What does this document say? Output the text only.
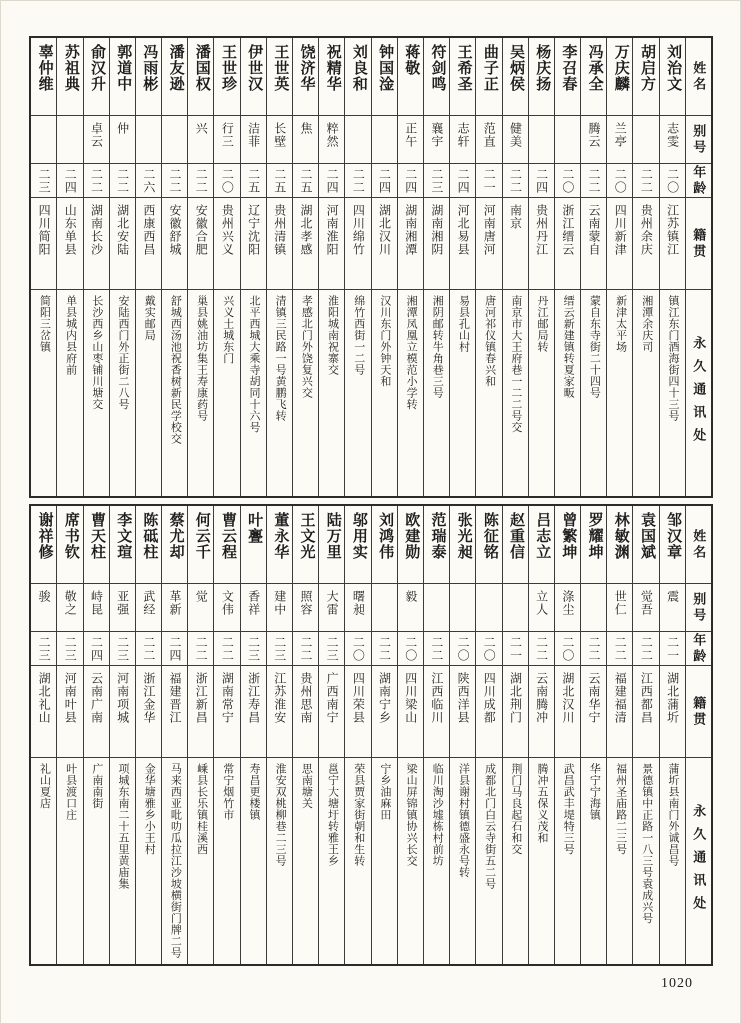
姓名
别号
年龄
籍贯
永久通讯处
刘治文
志雯
二〇
江苏镇江
镇江东门酒海街四十三号
胡启方
二二
贵州余庆
湘潭余庆司
万庆麟
兰亭
二〇
四川新津
新津太平场
冯承全
腾云
二二
云南蒙自
蒙自东寺街二十四号
李召春
二〇
浙江缙云
缙云新建镇转夏家畈
杨庆扬
二四
贵州丹江
丹江邮局转
吴炳侯
健美
二二
南京
南京市大王府巷一二二号交
曲子正
范直
二一
河南唐河
唐河祁仪镇春兴和
王希圣
志轩
二四
河北易县
易县孔山村
符剑鸣
襄宇
二三
湖南湘阴
湘阴邮转牛角巷三号
蒋敬
正午
二四
湖南湘潭
湘潭凤凰立模范小学转
钟国淦
二四
湖北汉川
汉川东门外钟天和
刘良和
二二
四川绵竹
绵竹西街一二号
祝精华
粹然
二四
河南淮阳
淮阳城南祝寨交
饶济华
焦
二五
湖北孝感
孝感北门外饶复兴交
王世英
长壁
二五
贵州清镇
清镇三民路一号黄鹏飞转
伊世汉
洁菲
二五
辽宁沈阳
北平西城大乘寺胡同十六号
王世珍
行三
二〇
贵州兴义
兴义土城东门
潘国权
兴
二二
安徽合肥
巢县姚油坊集王寿康药号
潘友逊
二二
安徽舒城
舒城西汤池祝香树新民学校交
冯雨彬
二六
西康西昌
戴实邮局
郭道中
仲
二二
湖北安陆
安陆西门外正街二八号
俞汉升
卓云
二二
湖南长沙
长沙西乡山枣铺川塘交
苏祖典
二四
山东单县
单县城内县府前
辜仲维
二三
四川简阳
简阳三岔镇
姓名
别号
年龄
籍贯
永久通讯处
邹汉章
震
二一
湖北蒲圻
蒲圻县南门外诚昌号
袁国斌
觉吾
二二
江西都昌
景德镇中正路一八三号袁成兴号
林敏渊
世仁
二二
福建福清
福州圣庙路二三号
罗耀坤
二二
云南华宁
华宁宁海镇
曾繁坤
涤尘
二〇
湖北汉川
武昌武丰堤特三号
吕志立
立人
二二
云南腾冲
腾冲五保义茂和
赵重信
二一
湖北荆门
荆门马良起石和交
陈征铭
二〇
四川成都
成都北门白云寺街五二号
张光昶
二〇
陕西洋县
洋县谢村镇德盛永号转
范瑞泰
二二
江西临川
临川淘沙墟栋村前坊
欧建勋
毅
二〇
四川梁山
梁山屏锦镇协兴长交
刘鸿伟
二二
湖南宁乡
宁乡油麻田
邬用实
曙昶
二〇
四川荣县
荣县贾家街朝和生转
陆万里
大雷
二三
广西南宁
邕宁大塘圩转雅王乡
王文光
照容
二二
贵州思南
思南塘关
董永华
建中
二三
江苏淮安
淮安双桃柳巷二三号
叶亹
香祥
二三
浙江寿昌
寿昌更楼镇
曹云程
文伟
二二
湖南常宁
常宁烟竹市
何云千
觉
二二
浙江新昌
嵊县长乐镇桂溪西
蔡尤却
革新
二四
福建晋江
马来西亚吡叻瓜拉江沙坡横街门牌二号
陈砥柱
武经
二二
浙江金华
金华塘雅乡小王村
李文瑄
亚强
二三
河南项城
项城东南二十五里黄庙集
曹天柱
峙昆
二四
云南广南
广南南街
席书钦
敬之
二三
河南叶县
叶县渡口庄
谢祥修
骏
二三
湖北礼山
礼山夏店
1020
